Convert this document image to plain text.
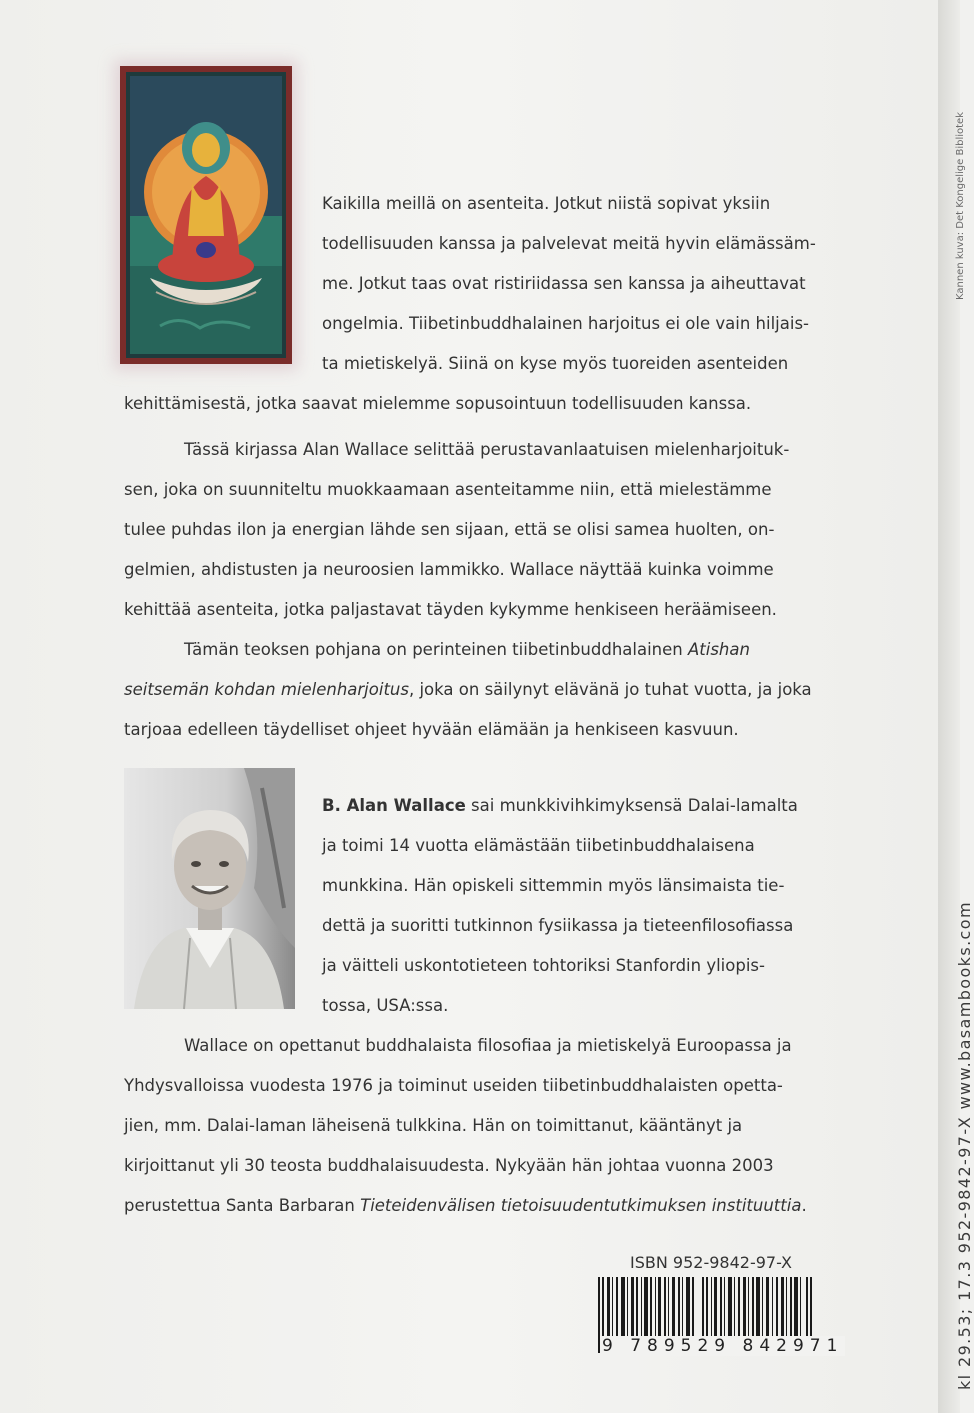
kl 29.53; 17.3 952-9842-97-X www.basambooks.com
Kannen kuva: Det Kongelige Bibliotek
Kaikilla meillä on asenteita. Jotkut niistä sopivat yksiin
todellisuuden kanssa ja palvelevat meitä hyvin elämässäm-
me. Jotkut taas ovat ristiriidassa sen kanssa ja aiheuttavat
ongelmia. Tiibetinbuddhalainen harjoitus ei ole vain hiljais-
ta mietiskelyä. Siinä on kyse myös tuoreiden asenteiden
kehittämisestä, jotka saavat mielemme sopusointuun todellisuuden kanssa.
Tässä kirjassa Alan Wallace selittää perustavanlaatuisen mielenharjoituk-
sen, joka on suunniteltu muokkaamaan asenteitamme niin, että mielestämme
tulee puhdas ilon ja energian lähde sen sijaan, että se olisi samea huolten, on-
gelmien, ahdistusten ja neuroosien lammikko. Wallace näyttää kuinka voimme
kehittää asenteita, jotka paljastavat täyden kykymme henkiseen heräämiseen.
Tämän teoksen pohjana on perinteinen tiibetinbuddhalainen Atishan
seitsemän kohdan mielenharjoitus, joka on säilynyt elävänä jo tuhat vuotta, ja joka
tarjoaa edelleen täydelliset ohjeet hyvään elämään ja henkiseen kasvuun.
B. Alan Wallace sai munkkivihkimyksensä Dalai-lamalta
ja toimi 14 vuotta elämästään tiibetinbuddhalaisena
munkkina. Hän opiskeli sittemmin myös länsimaista tie-
dettä ja suoritti tutkinnon fysiikassa ja tieteenfilosofiassa
ja väitteli uskontotieteen tohtoriksi Stanfordin yliopis-
tossa, USA:ssa.
Wallace on opettanut buddhalaista filosofiaa ja mietiskelyä Euroopassa ja
Yhdysvalloissa vuodesta 1976 ja toiminut useiden tiibetinbuddhalaisten opetta-
jien, mm. Dalai-laman läheisenä tulkkina. Hän on toimittanut, kääntänyt ja
kirjoittanut yli 30 teosta buddhalaisuudesta. Nykyään hän johtaa vuonna 2003
perustettua Santa Barbaran Tieteidenvälisen tietoisuudentutkimuksen instituuttia.
ISBN 952-9842-97-X
9 789529 842971
